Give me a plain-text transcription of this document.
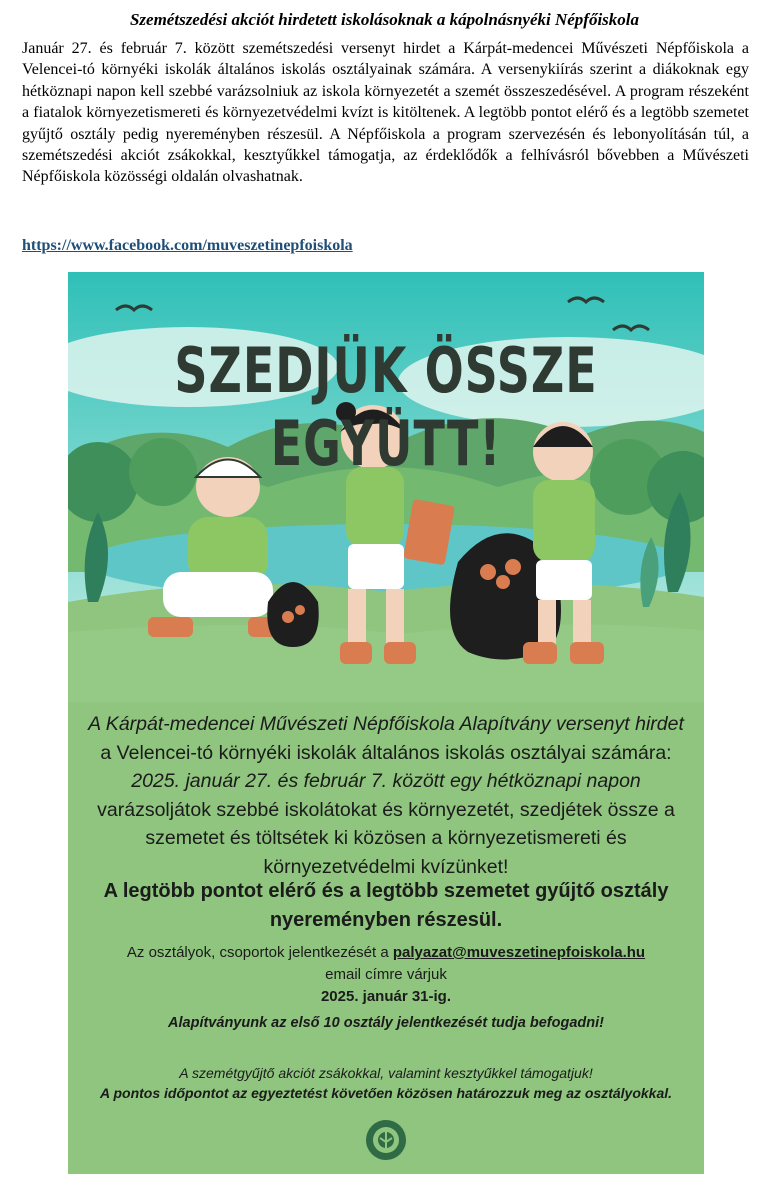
Szemétszedési akciót hirdetett iskolásoknak a kápolnásnyéki Népfőiskola

Január 27. és február 7. között szemétszedési versenyt hirdet a Kárpát-medencei Művészeti Népfőiskola a Velencei-tó környéki iskolák általános iskolás osztályainak számára. A versenykiírás szerint a diákoknak egy hétköznapi napon kell szebbé varázsolniuk az iskola környezetét a szemét összeszedésével. A program részeként a fiatalok környezetismereti és környezetvédelmi kvízt is kitöltenek. A legtöbb pontot elérő és a legtöbb szemetet gyűjtő osztály pedig nyereményben részesül. A Népfőiskola a program szervezésén és lebonyolításán túl, a szemétszedési akciót zsákokkal, kesztyűkkel támogatja, az érdeklődők a felhívásról bővebben a Művészeti Népfőiskola közösségi oldalán olvashatnak.

https://www.facebook.com/muveszetinepfoiskola
SZEDJÜK ÖSSZE EGYÜTT!

A Kárpát-medencei Művészeti Népfőiskola Alapítvány versenyt hirdet
a Velencei-tó környéki iskolák általános iskolás osztályai számára:
2025. január 27. és február 7. között egy hétköznapi napon
varázsoljátok szebbé iskolátokat és környezetét, szedjétek össze a
szemetet és töltsétek ki közösen a környezetismereti és
környezetvédelmi kvízünket!

A legtöbb pontot elérő és a legtöbb szemetet gyűjtő osztály
nyereményben részesül.

Az osztályok, csoportok jelentkezését a palyazat@muveszetinepfoiskola.hu
email címre várjuk
2025. január 31-ig.

Alapítványunk az első 10 osztály jelentkezését tudja befogadni!

A szemétgyűjtő akciót zsákokkal, valamint kesztyűkkel támogatjuk!

A pontos időpontot az egyeztetést követően közösen határozzuk meg az osztályokkal.
